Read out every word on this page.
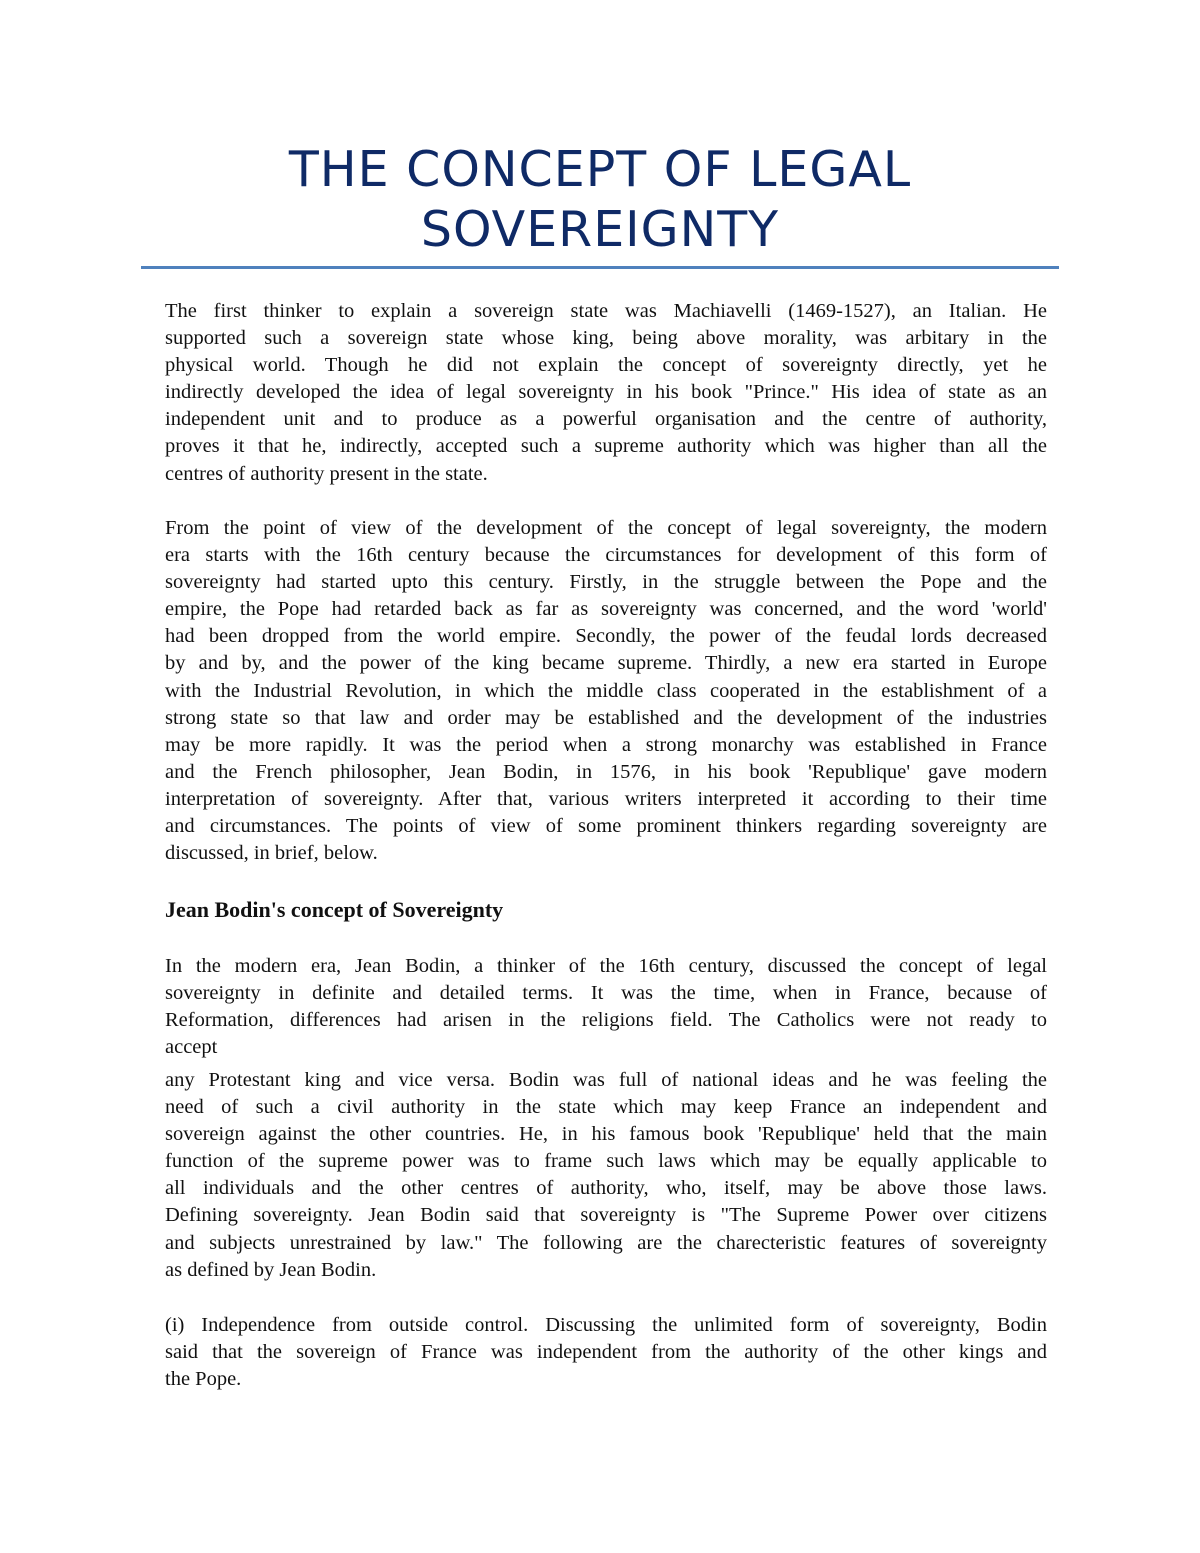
THE CONCEPT OF LEGAL
SOVEREIGNTY
The first thinker to explain a sovereign state was Machiavelli (1469-1527), an Italian. He
supported such a sovereign state whose king, being above morality, was arbitary in the
physical world. Though he did not explain the concept of sovereignty directly, yet he
indirectly developed the idea of legal sovereignty in his book "Prince." His idea of state as an
independent unit and to produce as a powerful organisation and the centre of authority,
proves it that he, indirectly, accepted such a supreme authority which was higher than all the
centres of authority present in the state.
From the point of view of the development of the concept of legal sovereignty, the modern
era starts with the 16th century because the circumstances for development of this form of
sovereignty had started upto this century. Firstly, in the struggle between the Pope and the
empire, the Pope had retarded back as far as sovereignty was concerned, and the word 'world'
had been dropped from the world empire. Secondly, the power of the feudal lords decreased
by and by, and the power of the king became supreme. Thirdly, a new era started in Europe
with the Industrial Revolution, in which the middle class cooperated in the establishment of a
strong state so that law and order may be established and the development of the industries
may be more rapidly. It was the period when a strong monarchy was established in France
and the French philosopher, Jean Bodin, in 1576, in his book 'Republique' gave modern
interpretation of sovereignty. After that, various writers interpreted it according to their time
and circumstances. The points of view of some prominent thinkers regarding sovereignty are
discussed, in brief, below.
Jean Bodin's concept of Sovereignty
In the modern era, Jean Bodin, a thinker of the 16th century, discussed the concept of legal
sovereignty in definite and detailed terms. It was the time, when in France, because of
Reformation, differences had arisen in the religions field. The Catholics were not ready to
accept
any Protestant king and vice versa. Bodin was full of national ideas and he was feeling the
need of such a civil authority in the state which may keep France an independent and
sovereign against the other countries. He, in his famous book 'Republique' held that the main
function of the supreme power was to frame such laws which may be equally applicable to
all individuals and the other centres of authority, who, itself, may be above those laws.
Defining sovereignty. Jean Bodin said that sovereignty is "The Supreme Power over citizens
and subjects unrestrained by law." The following are the charecteristic features of sovereignty
as defined by Jean Bodin.
(i) Independence from outside control. Discussing the unlimited form of sovereignty, Bodin
said that the sovereign of France was independent from the authority of the other kings and
the Pope.
